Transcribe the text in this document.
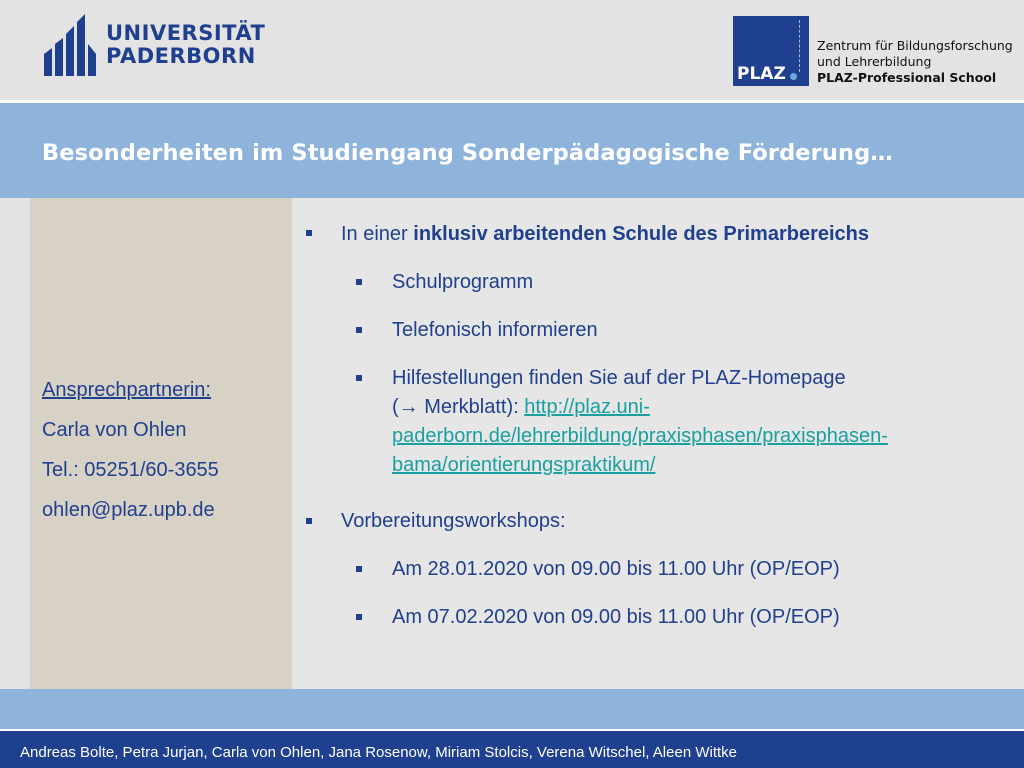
UNIVERSITÄT
PADERBORN
PLAZ
Zentrum für Bildungsforschung
und Lehrerbildung
PLAZ-Professional School
Besonderheiten im Studiengang Sonderpädagogische Förderung…
Ansprechpartnerin:
Carla von Ohlen
Tel.: 05251/60-3655
ohlen@plaz.upb.de
In einer inklusiv arbeitenden Schule des Primarbereichs
Schulprogramm
Telefonisch informieren
Hilfestellungen finden Sie auf der PLAZ-Homepage
(→ Merkblatt): http://plaz.uni-
paderborn.de/lehrerbildung/praxisphasen/praxisphasen-
bama/orientierungspraktikum/
Vorbereitungsworkshops:
Am 28.01.2020 von 09.00 bis 11.00 Uhr (OP/EOP)
Am 07.02.2020 von 09.00 bis 11.00 Uhr (OP/EOP)
Andreas Bolte, Petra Jurjan, Carla von Ohlen, Jana Rosenow, Miriam Stolcis, Verena Witschel, Aleen Wittke
